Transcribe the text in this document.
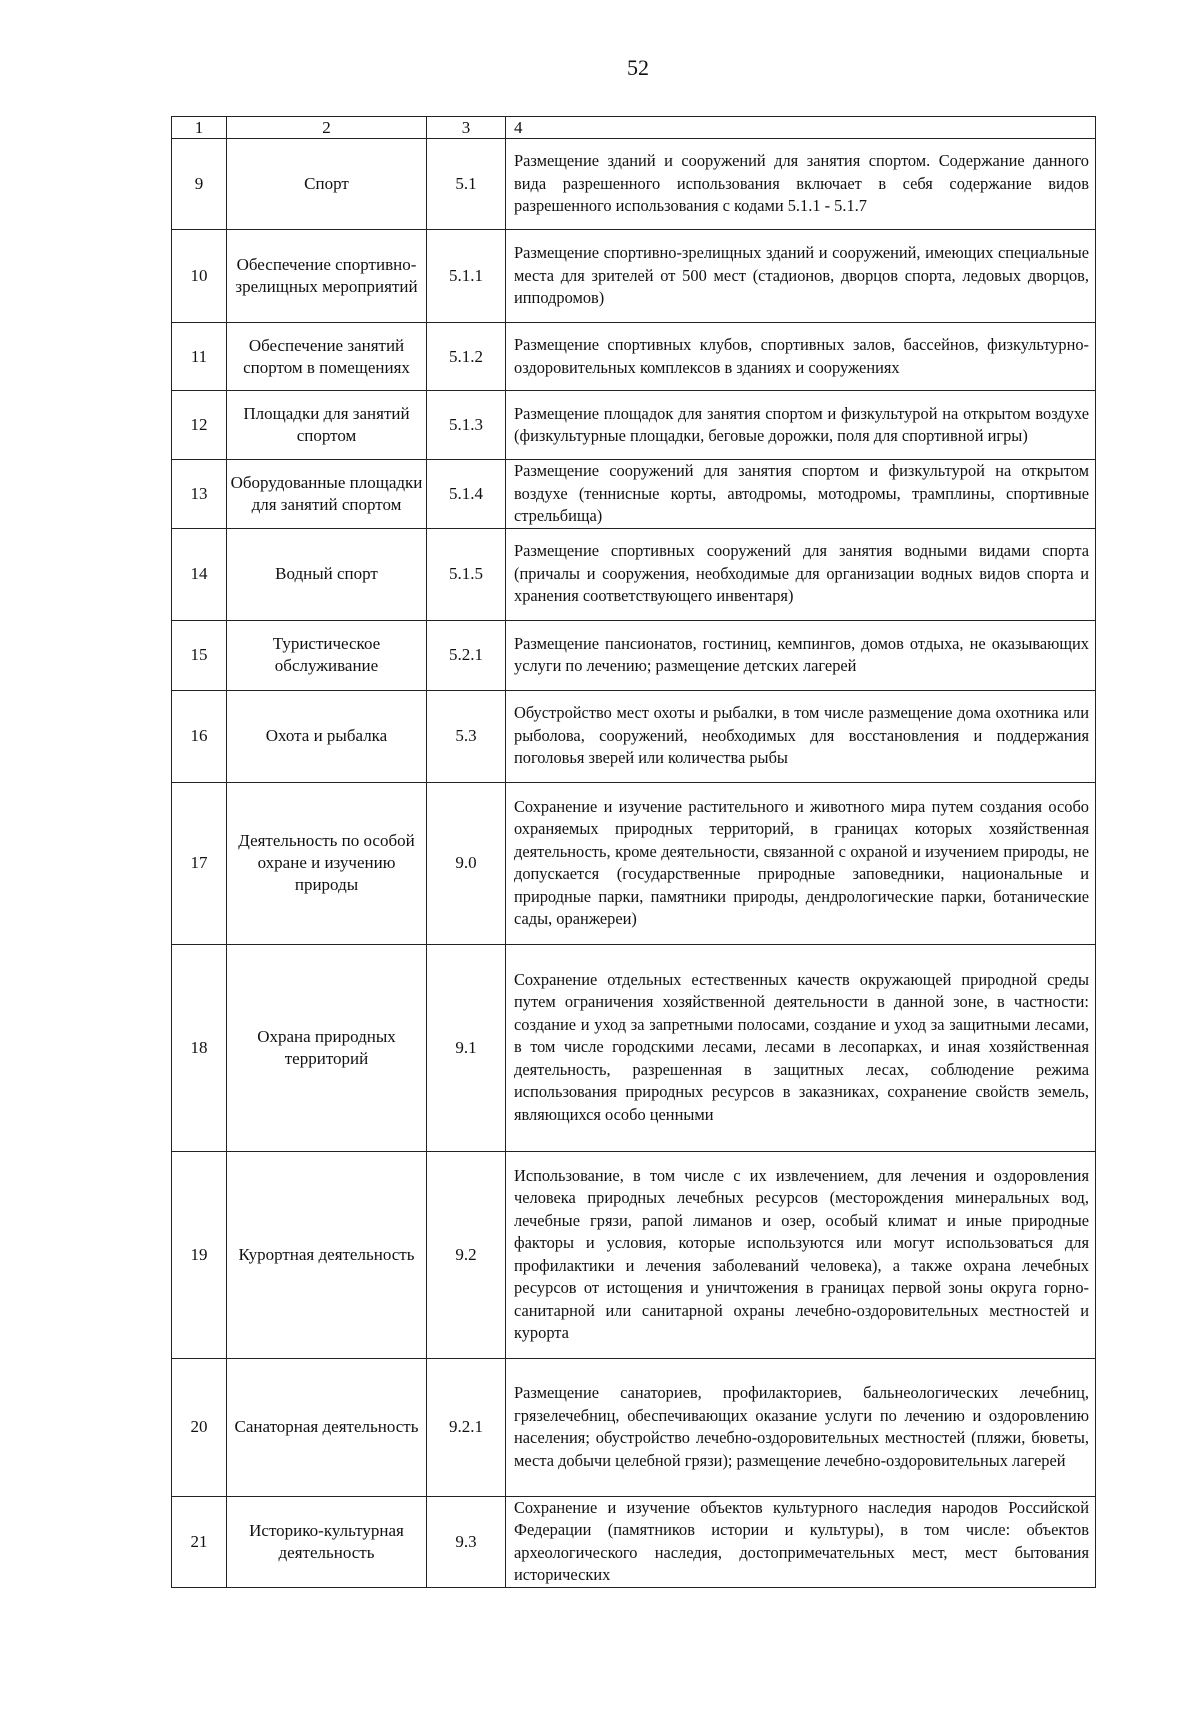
52
1	2	3	4
9	Спорт	5.1	Размещение зданий и сооружений для занятия спортом. Содержание данного вида разрешенного использования включает в себя содержание видов разрешенного использования с кодами 5.1.1 - 5.1.7
10	Обеспечение спортивно-зрелищных мероприятий	5.1.1	Размещение спортивно-зрелищных зданий и сооружений, имеющих специальные места для зрителей от 500 мест (стадионов, дворцов спорта, ледовых дворцов, ипподромов)
11	Обеспечение занятий спортом в помещениях	5.1.2	Размещение спортивных клубов, спортивных залов, бассейнов, физкультурно-оздоровительных комплексов в зданиях и сооружениях
12	Площадки для занятий спортом	5.1.3	Размещение площадок для занятия спортом и физкультурой на открытом воздухе (физкультурные площадки, беговые дорожки, поля для спортивной игры)
13	Оборудованные площадки для занятий спортом	5.1.4	Размещение сооружений для занятия спортом и физкультурой на открытом воздухе (теннисные корты, автодромы, мотодромы, трамплины, спортивные стрельбища)
14	Водный спорт	5.1.5	Размещение спортивных сооружений для занятия водными видами спорта (причалы и сооружения, необходимые для организации водных видов спорта и хранения соответствующего инвентаря)
15	Туристическое обслуживание	5.2.1	Размещение пансионатов, гостиниц, кемпингов, домов отдыха, не оказывающих услуги по лечению; размещение детских лагерей
16	Охота и рыбалка	5.3	Обустройство мест охоты и рыбалки, в том числе размещение дома охотника или рыболова, сооружений, необходимых для восстановления и поддержания поголовья зверей или количества рыбы
17	Деятельность по особой охране и изучению природы	9.0	Сохранение и изучение растительного и животного мира путем создания особо охраняемых природных территорий, в границах которых хозяйственная деятельность, кроме деятельности, связанной с охраной и изучением природы, не допускается (государственные природные заповедники, национальные и природные парки, памятники природы, дендрологические парки, ботанические сады, оранжереи)
18	Охрана природных территорий	9.1	Сохранение отдельных естественных качеств окружающей природной среды путем ограничения хозяйственной деятельности в данной зоне, в частности: создание и уход за запретными полосами, создание и уход за защитными лесами, в том числе городскими лесами, лесами в лесопарках, и иная хозяйственная деятельность, разрешенная в защитных лесах, соблюдение режима использования природных ресурсов в заказниках, сохранение свойств земель, являющихся особо ценными
19	Курортная деятельность	9.2	Использование, в том числе с их извлечением, для лечения и оздоровления человека природных лечебных ресурсов (месторождения минеральных вод, лечебные грязи, рапой лиманов и озер, особый климат и иные природные факторы и условия, которые используются или могут использоваться для профилактики и лечения заболеваний человека), а также охрана лечебных ресурсов от истощения и уничтожения в границах первой зоны округа горно-санитарной или санитарной охраны лечебно-оздоровительных местностей и курорта
20	Санаторная деятельность	9.2.1	Размещение санаториев, профилакториев, бальнеологических лечебниц, грязелечебниц, обеспечивающих оказание услуги по лечению и оздоровлению населения; обустройство лечебно-оздоровительных местностей (пляжи, бюветы, места добычи целебной грязи); размещение лечебно-оздоровительных лагерей
21	Историко-культурная деятельность	9.3	Сохранение и изучение объектов культурного наследия народов Российской Федерации (памятников истории и культуры), в том числе: объектов археологического наследия, достопримечательных мест, мест бытования исторических
